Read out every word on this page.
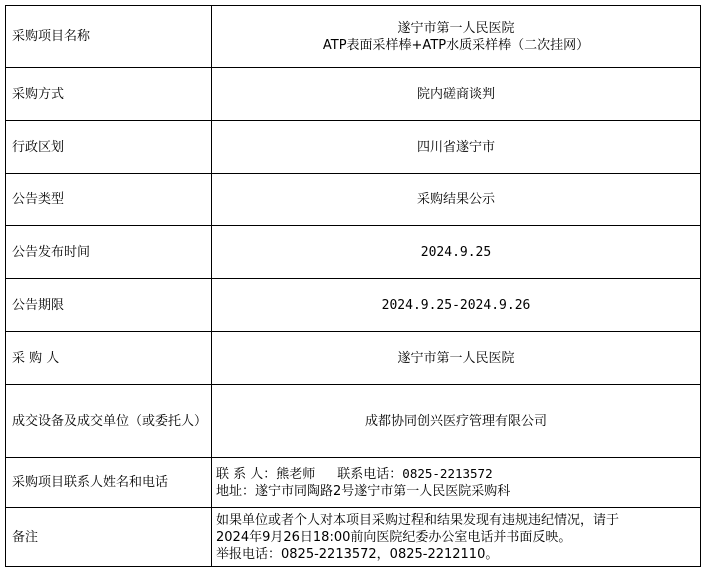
采购项目名称	遂宁市第一人民医院
ATP表面采样棒+ATP水质采样棒（二次挂网）

采购方式	院内磋商谈判
行政区划	四川省遂宁市
公告类型	采购结果公示
公告发布时间	2024.9.25
公告期限	2024.9.25-2024.9.26
采 购 人	遂宁市第一人民医院
成交设备及成交单位（或委托人）	成都协同创兴医疗管理有限公司
采购项目联系人姓名和电话	联 系 人：熊老师 联系电话：0825-2213572
地址：遂宁市同陶路2号遂宁市第一人民医院采购科

备注	如果单位或者个人对本项目采购过程和结果发现有违规违纪情况，请于
2024年9月26日18:00前向医院纪委办公室电话并书面反映。
举报电话：0825-2213572，0825-2212110。
